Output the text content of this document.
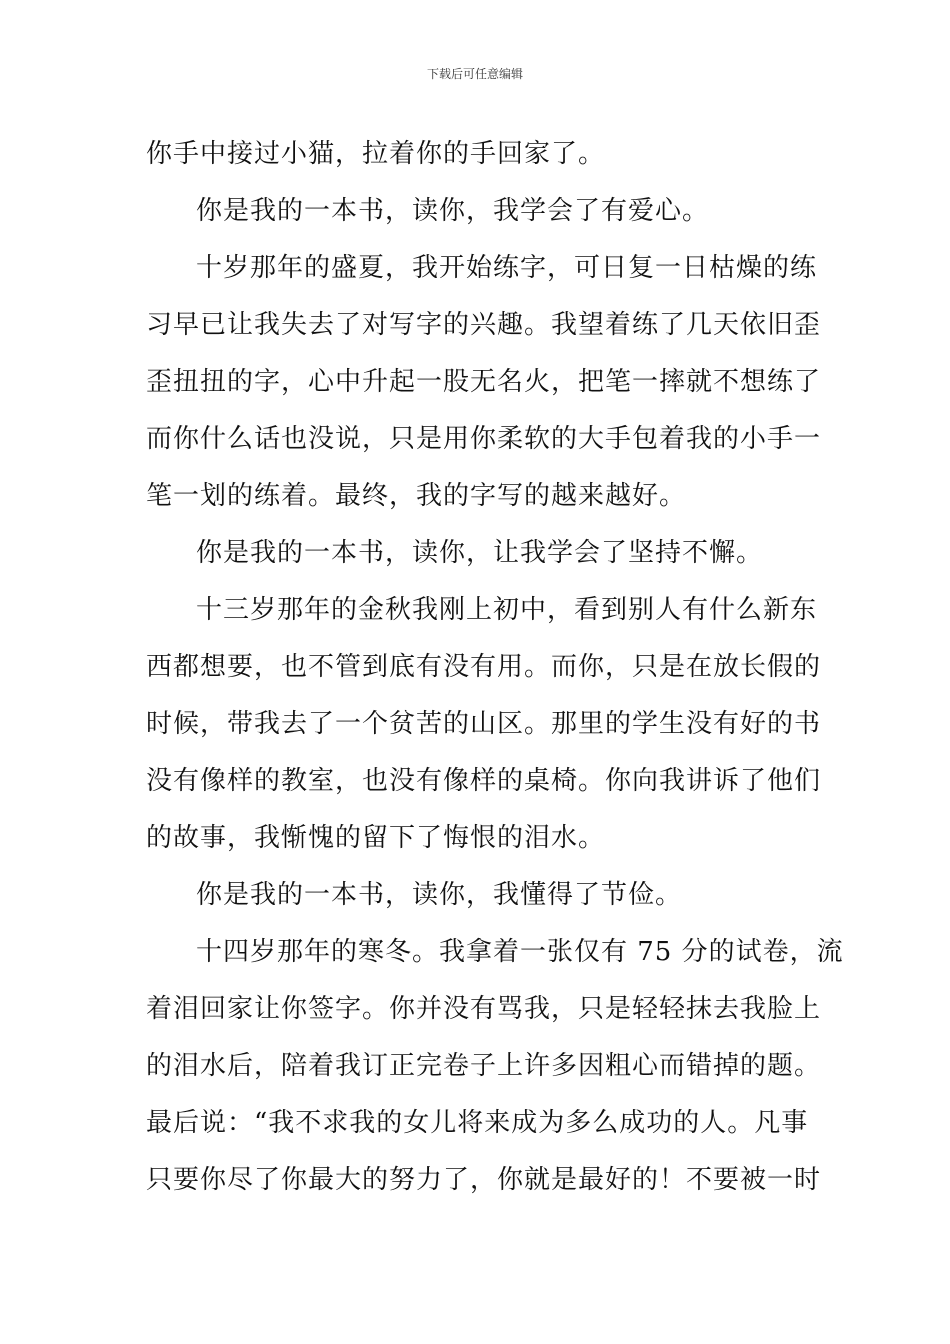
下载后可任意编辑
你手中接过小猫，拉着你的手回家了。
你是我的一本书，读你，我学会了有爱心。
十岁那年的盛夏，我开始练字，可日复一日枯燥的练
习早已让我失去了对写字的兴趣。我望着练了几天依旧歪
歪扭扭的字，心中升起一股无名火，把笔一摔就不想练了
而你什么话也没说，只是用你柔软的大手包着我的小手一
笔一划的练着。最终，我的字写的越来越好。
你是我的一本书，读你，让我学会了坚持不懈。
十三岁那年的金秋我刚上初中，看到别人有什么新东
西都想要，也不管到底有没有用。而你，只是在放长假的
时候，带我去了一个贫苦的山区。那里的学生没有好的书
没有像样的教室，也没有像样的桌椅。你向我讲诉了他们
的故事，我惭愧的留下了悔恨的泪水。
你是我的一本书，读你，我懂得了节俭。
十四岁那年的寒冬。我拿着一张仅有 75 分的试卷，流
着泪回家让你签字。你并没有骂我，只是轻轻抹去我脸上
的泪水后，陪着我订正完卷子上许多因粗心而错掉的题。
最后说：“我不求我的女儿将来成为多么成功的人。凡事
只要你尽了你最大的努力了，你就是最好的！不要被一时
